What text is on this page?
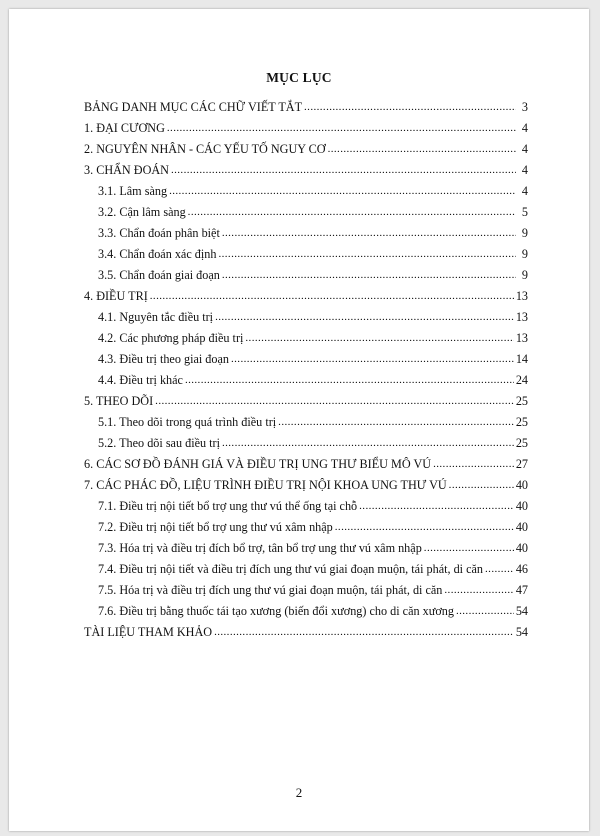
MỤC LỤC
BẢNG DANH MỤC CÁC CHỮ VIẾT TẮT .....	3
1. ĐẠI CƯƠNG .....	4
2. NGUYÊN NHÂN - CÁC YẾU TỐ NGUY CƠ .....	4
3. CHẨN ĐOÁN .....	4
3.1. Lâm sàng .....	4
3.2. Cận lâm sàng .....	5
3.3. Chẩn đoán phân biệt .....	9
3.4. Chẩn đoán xác định .....	9
3.5. Chẩn đoán giai đoạn .....	9
4. ĐIỀU TRỊ .....	13
4.1. Nguyên tắc điều trị .....	13
4.2. Các phương pháp điều trị .....	13
4.3. Điều trị theo giai đoạn .....	14
4.4. Điều trị khác .....	24
5. THEO DÕI .....	25
5.1. Theo dõi trong quá trình điều trị .....	25
5.2. Theo dõi sau điều trị .....	25
6. CÁC SƠ ĐỒ ĐÁNH GIÁ VÀ ĐIỀU TRỊ UNG THƯ BIỂU MÔ VÚ .....	27
7. CÁC PHÁC ĐỒ, LIỆU TRÌNH ĐIỀU TRỊ NỘI KHOA UNG THƯ VÚ .....	40
7.1. Điều trị nội tiết bổ trợ ung thư vú thể ống tại chỗ .....	40
7.2. Điều trị nội tiết bổ trợ ung thư vú xâm nhập .....	40
7.3. Hóa trị và điều trị đích bổ trợ, tân bổ trợ ung thư vú xâm nhập .....	40
7.4. Điều trị nội tiết và điều trị đích ung thư vú giai đoạn muộn, tái phát, di căn .....	46
7.5. Hóa trị và điều trị đích ung thư vú giai đoạn muộn, tái phát, di căn .....	47
7.6. Điều trị bằng thuốc tái tạo xương (biến đổi xương) cho di căn xương .....	54
TÀI LIỆU THAM KHẢO .....	54
2
